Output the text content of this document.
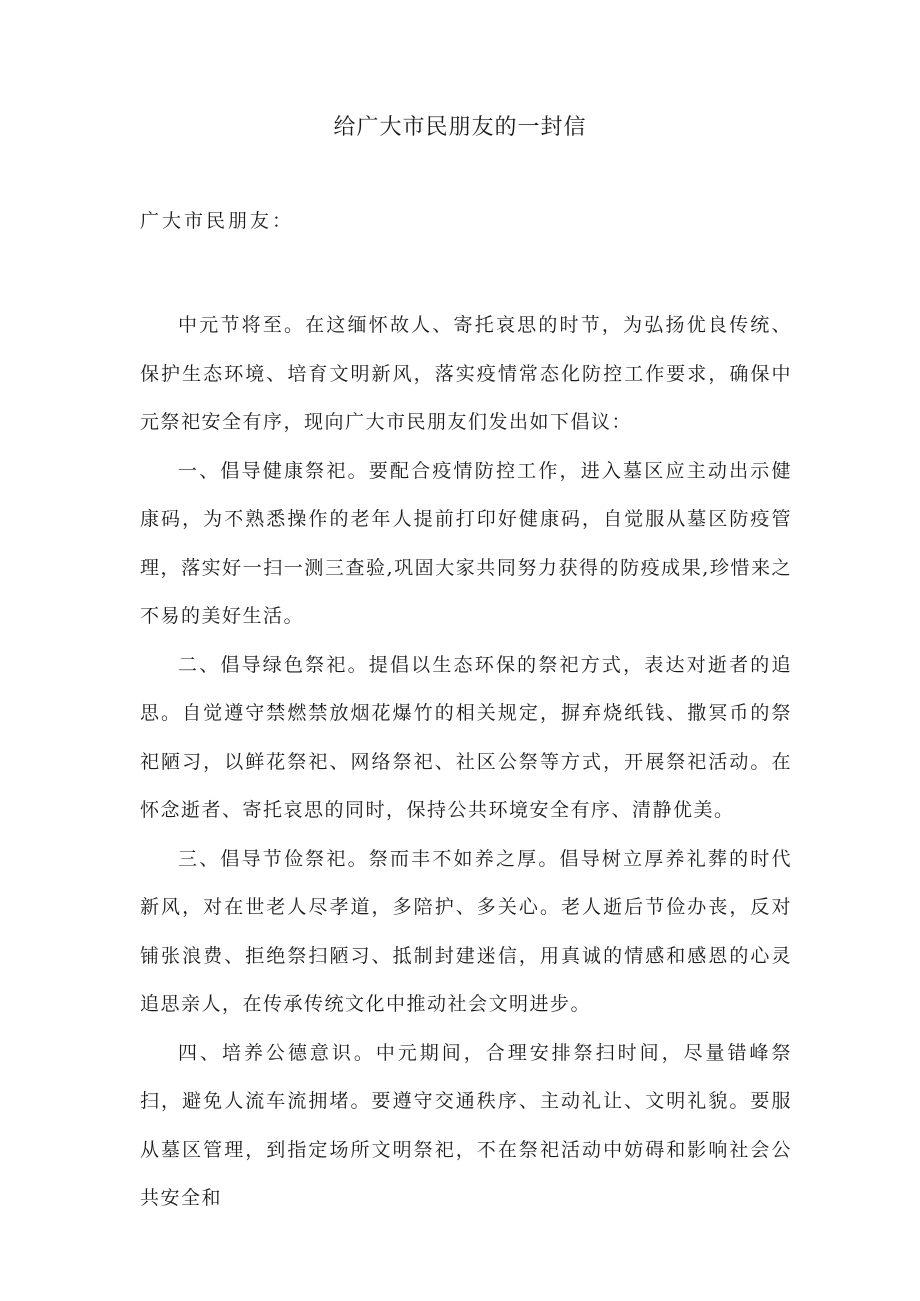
给广大市民朋友的一封信

广大市民朋友：

中元节将至。在这缅怀故人、寄托哀思的时节，为弘扬优良传统、保护生态环境、培育文明新风，落实疫情常态化防控工作要求，确保中元祭祀安全有序，现向广大市民朋友们发出如下倡议：

一、倡导健康祭祀。要配合疫情防控工作，进入墓区应主动出示健康码，为不熟悉操作的老年人提前打印好健康码，自觉服从墓区防疫管理，落实好一扫一测三查验,巩固大家共同努力获得的防疫成果,珍惜来之不易的美好生活。

二、倡导绿色祭祀。提倡以生态环保的祭祀方式，表达对逝者的追思。自觉遵守禁燃禁放烟花爆竹的相关规定，摒弃烧纸钱、撒冥币的祭祀陋习，以鲜花祭祀、网络祭祀、社区公祭等方式，开展祭祀活动。在怀念逝者、寄托哀思的同时，保持公共环境安全有序、清静优美。

三、倡导节俭祭祀。祭而丰不如养之厚。倡导树立厚养礼葬的时代新风，对在世老人尽孝道，多陪护、多关心。老人逝后节俭办丧，反对铺张浪费、拒绝祭扫陋习、抵制封建迷信，用真诚的情感和感恩的心灵追思亲人，在传承传统文化中推动社会文明进步。

四、培养公德意识。中元期间，合理安排祭扫时间，尽量错峰祭扫，避免人流车流拥堵。要遵守交通秩序、主动礼让、文明礼貌。要服从墓区管理，到指定场所文明祭祀，不在祭祀活动中妨碍和影响社会公共安全和
